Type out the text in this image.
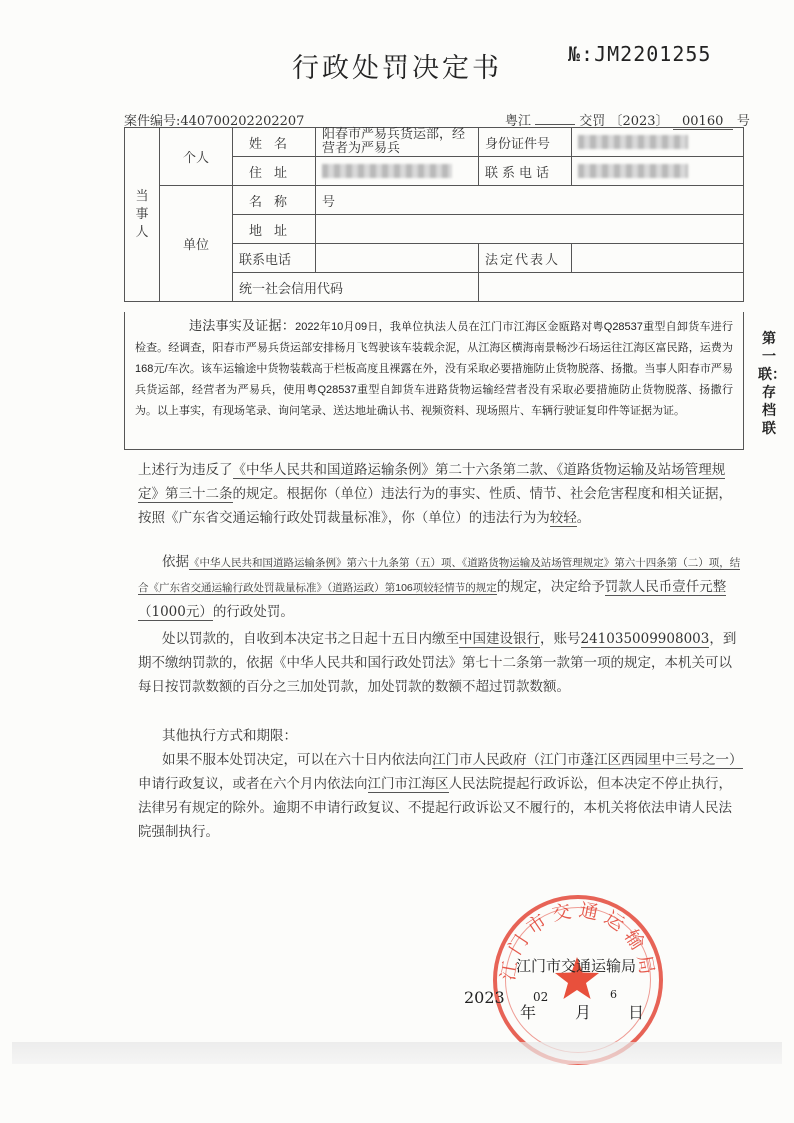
行政处罚决定书	№:JM2201255
案件编号:440700202202207	粤江	交罚 〔2023〕 00160 号
当事人	个人	姓名	阳春市严易兵货运部，经营者为严易兵	身份证件号	

		住址		联系电话	

	单位	名称	号		
		地址			
		联系电话		法定代表人	
		统一社会信用代码			
违法事实及证据：2022年10月09日，我单位执法人员在江门市江海区金瓯路对粤Q28537重型自卸货车进行检查。经调查，阳春市严易兵货运部安排杨月飞驾驶该车装载余泥，从江海区横海南景畅沙石场运往江海区富民路，运费为168元/车次。该车运输途中货物装载高于栏板高度且裸露在外，没有采取必要措施防止货物脱落、扬撒。当事人阳春市严易兵货运部，经营者为严易兵，使用粤Q28537重型自卸货车进路货物运输经营者没有采取必要措施防止货物脱落、扬撒行为。以上事实，有现场笔录、询问笔录、送达地址确认书、视频资料、现场照片、车辆行驶证复印件等证据为证。
第一联：存档联
上述行为违反了《中华人民共和国道路运输条例》第二十六条第二款、《道路货物运输及站场管理规定》第三十二条的规定。根据你（单位）违法行为的事实、性质、情节、社会危害程度和相关证据，按照《广东省交通运输行政处罚裁量标准》，你（单位）的违法行为为较轻。
依据《中华人民共和国道路运输条例》第六十九条第（五）项、《道路货物运输及站场管理规定》第六十四条第（二）项，结合《广东省交通运输行政处罚裁量标准》（道路运政）第106项较轻情节的规定的规定，决定给予罚款人民币壹仟元整（1000元）的行政处罚。
处以罚款的，自收到本决定书之日起十五日内缴至中国建设银行，账号241035009908003，到期不缴纳罚款的，依据《中华人民共和国行政处罚法》第七十二条第一款第一项的规定，本机关可以每日按罚款数额的百分之三加处罚款，加处罚款的数额不超过罚款数额。
其他执行方式和期限：
如果不服本处罚决定，可以在六十日内依法向江门市人民政府（江门市蓬江区西园里中三号之一）申请行政复议，或者在六个月内依法向江门市江海区人民法院提起行政诉讼，但本决定不停止执行，法律另有规定的除外。逾期不申请行政复议、不提起行政诉讼又不履行的，本机关将依法申请人民法院强制执行。
江门市交通运输局
江门市交通运输局
2023
年
02
月
6
日
